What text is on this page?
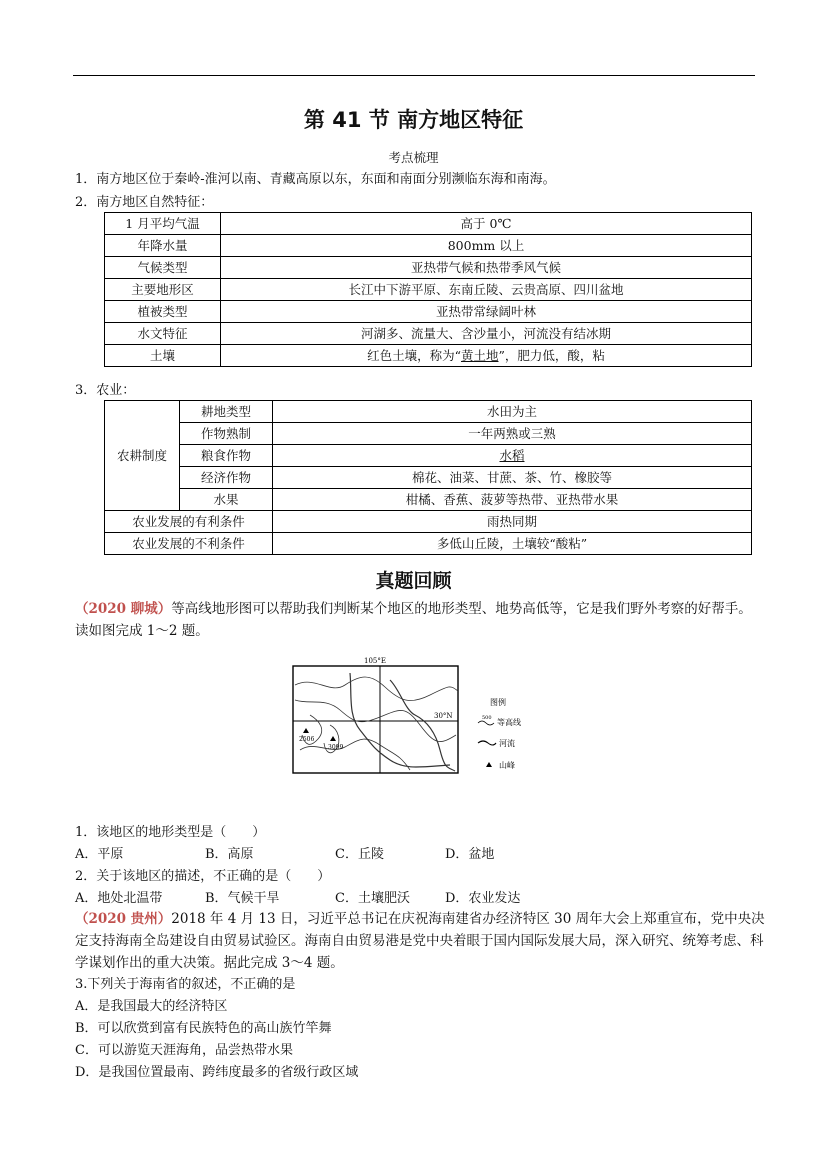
第 41 节 南方地区特征
考点梳理
1．南方地区位于秦岭-淮河以南、青藏高原以东，东面和南面分别濒临东海和南海。
2．南方地区自然特征：
1 月平均气温	高于 0℃
年降水量	800mm 以上
气候类型	亚热带气候和热带季风气候
主要地形区	长江中下游平原、东南丘陵、云贵高原、四川盆地
植被类型	亚热带常绿阔叶林
水文特征	河湖多、流量大、含沙量小，河流没有结冰期
土壤	红色土壤，称为“黄土地”，肥力低，酸，粘
3．农业：
农耕制度	耕地类型	水田为主
	作物熟制	一年两熟或三熟
	粮食作物	水稻
	经济作物	棉花、油菜、甘蔗、茶、竹、橡胶等
	水果	柑橘、香蕉、菠萝等热带、亚热带水果
农业发展的有利条件		雨热同期
农业发展的不利条件		多低山丘陵，土壤较“酸粘”
真题回顾
（2020 聊城）等高线地形图可以帮助我们判断某个地区的地形类型、地势高低等，它是我们野外考察的好帮手。读如图完成 1～2 题。
105°E
30°N
2506
3099
图例
500 等高线
河流
山峰
1．该地区的地形类型是（　　）
A．平原	B．高原	C．丘陵	D．盆地
2．关于该地区的描述，不正确的是（　　）
A．地处北温带	B．气候干旱	C．土壤肥沃	D．农业发达
（2020 贵州）2018 年 4 月 13 日，习近平总书记在庆祝海南建省办经济特区 30 周年大会上郑重宣布，党中央决定支持海南全岛建设自由贸易试验区。海南自由贸易港是党中央着眼于国内国际发展大局，深入研究、统筹考虑、科学谋划作出的重大决策。据此完成 3～4 题。
3.下列关于海南省的叙述，不正确的是
A．是我国最大的经济特区
B．可以欣赏到富有民族特色的高山族竹竿舞
C．可以游览天涯海角，品尝热带水果
D．是我国位置最南、跨纬度最多的省级行政区域
